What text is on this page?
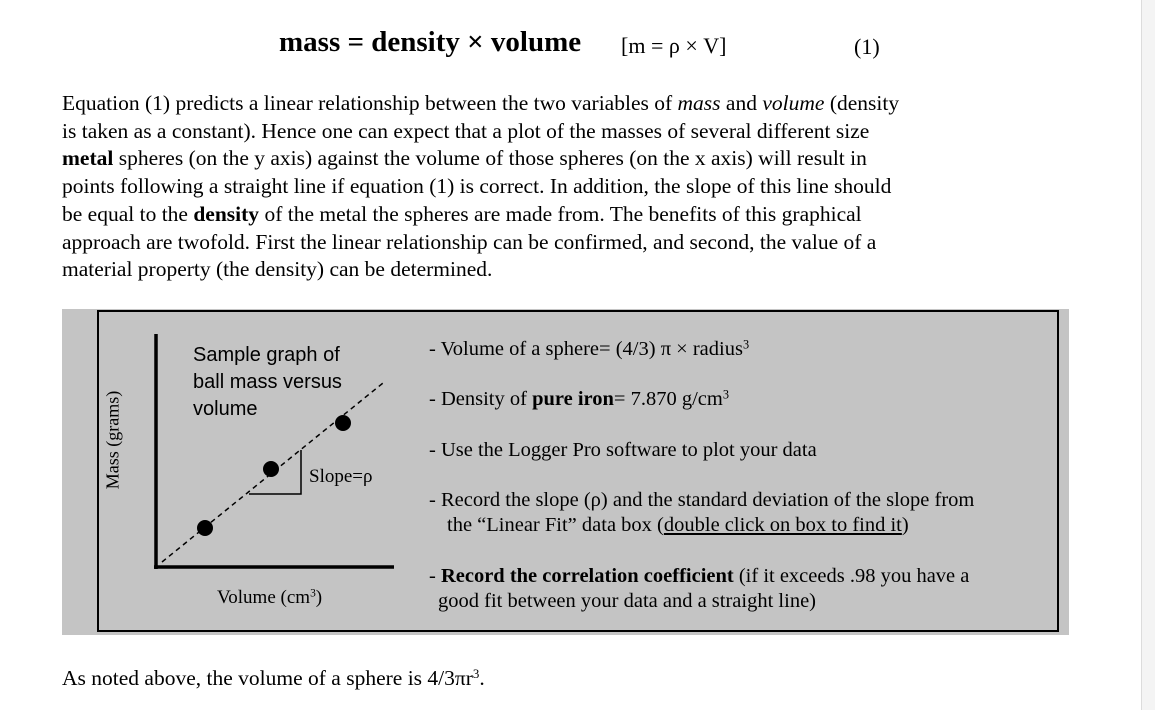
mass = density × volume [m = ρ × V]	(1)
Equation (1) predicts a linear relationship between the two variables of mass and volume (density
is taken as a constant). Hence one can expect that a plot of the masses of several different size
metal spheres (on the y axis) against the volume of those spheres (on the x axis) will result in
points following a straight line if equation (1) is correct. In addition, the slope of this line should
be equal to the density of the metal the spheres are made from. The benefits of this graphical
approach are twofold. First the linear relationship can be confirmed, and second, the value of a
material property (the density) can be determined.
Mass (grams)
Sample graph of
ball mass versus
volume
Slope=ρ
Volume $(cm^3)$
- Volume of a sphere= (4/3) π × radius$^3$
- Density of pure iron= 7.870 $g/cm^3$
- Use the Logger Pro software to plot your data
- Record the slope (ρ) and the standard deviation of the slope from
the “Linear Fit” data box (double click on box to find it)
- Record the correlation coefficient (if it exceeds .98 you have a
good fit between your data and a straight line)
As noted above, the volume of a sphere is $4/3\pi r^3$.
